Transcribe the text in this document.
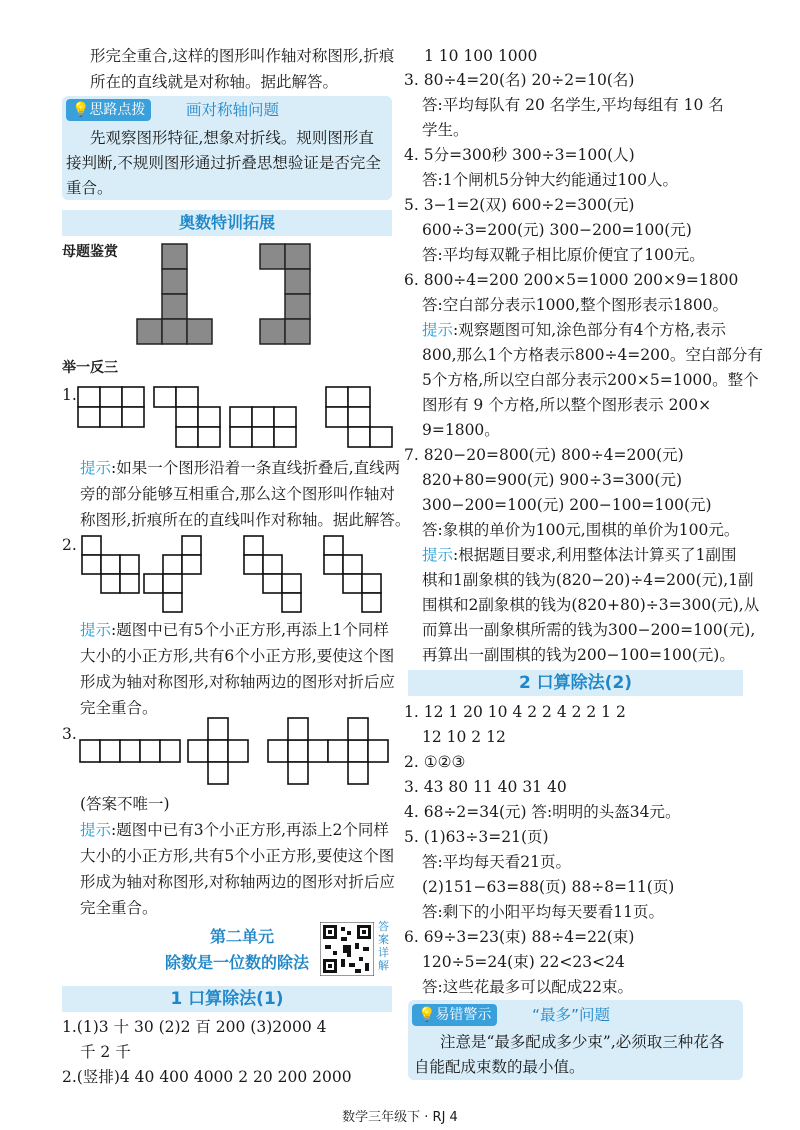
形完全重合,这样的图形叫作轴对称图形,折痕
所在的直线就是对称轴。据此解答。
💡思路点拨	画对称轴问题
先观察图形特征,想象对折线。规则图形直
接判断,不规则图形通过折叠思想验证是否完全
重合。
奥数特训拓展
母题鉴赏
举一反三
1.
提示:如果一个图形沿着一条直线折叠后,直线两
旁的部分能够互相重合,那么这个图形叫作轴对
称图形,折痕所在的直线叫作对称轴。据此解答。
2.
提示:题图中已有5个小正方形,再添上1个同样
大小的小正方形,共有6个小正方形,要使这个图
形成为轴对称图形,对称轴两边的图形对折后应
完全重合。
3.
(答案不唯一)
提示:题图中已有3个小正方形,再添上2个同样
大小的小正方形,共有5个小正方形,要使这个图
形成为轴对称图形,对称轴两边的图形对折后应
完全重合。
第二单元
除数是一位数的除法
答案详解
1 口算除法(1)
1.(1)3 十 30 (2)2 百 200 (3)2000 4
千 2 千
2.(竖排)4 40 400 4000 2 20 200 2000
1 10 100 1000
3. 80÷4=20(名) 20÷2=10(名)
答:平均每队有 20 名学生,平均每组有 10 名
学生。
4. 5分=300秒 300÷3=100(人)
答:1个闸机5分钟大约能通过100人。
5. 3−1=2(双) 600÷2=300(元)
600÷3=200(元) 300−200=100(元)
答:平均每双靴子相比原价便宜了100元。
6. 800÷4=200 200×5=1000 200×9=1800
答:空白部分表示1000,整个图形表示1800。
提示:观察题图可知,涂色部分有4个方格,表示
800,那么1个方格表示800÷4=200。空白部分有
5个方格,所以空白部分表示200×5=1000。整个
图形有 9 个方格,所以整个图形表示 200×
9=1800。
7. 820−20=800(元) 800÷4=200(元)
820+80=900(元) 900÷3=300(元)
300−200=100(元) 200−100=100(元)
答:象棋的单价为100元,围棋的单价为100元。
提示:根据题目要求,利用整体法计算买了1副围
棋和1副象棋的钱为(820−20)÷4=200(元),1副
围棋和2副象棋的钱为(820+80)÷3=300(元),从
而算出一副象棋所需的钱为300−200=100(元),
再算出一副围棋的钱为200−100=100(元)。
2 口算除法(2)
1. 12 1 20 10 4 2 2 4 2 2 1 2
12 10 2 12
2. ①②③
3. 43 80 11 40 31 40
4. 68÷2=34(元) 答:明明的头盔34元。
5. (1)63÷3=21(页)
答:平均每天看21页。
(2)151−63=88(页) 88÷8=11(页)
答:剩下的小阳平均每天要看11页。
6. 69÷3=23(束) 88÷4=22(束)
120÷5=24(束) 22<23<24
答:这些花最多可以配成22束。
💡易错警示	“最多”问题
注意是“最多配成多少束”,必须取三种花各
自能配成束数的最小值。
数学三年级下 · RJ 4
